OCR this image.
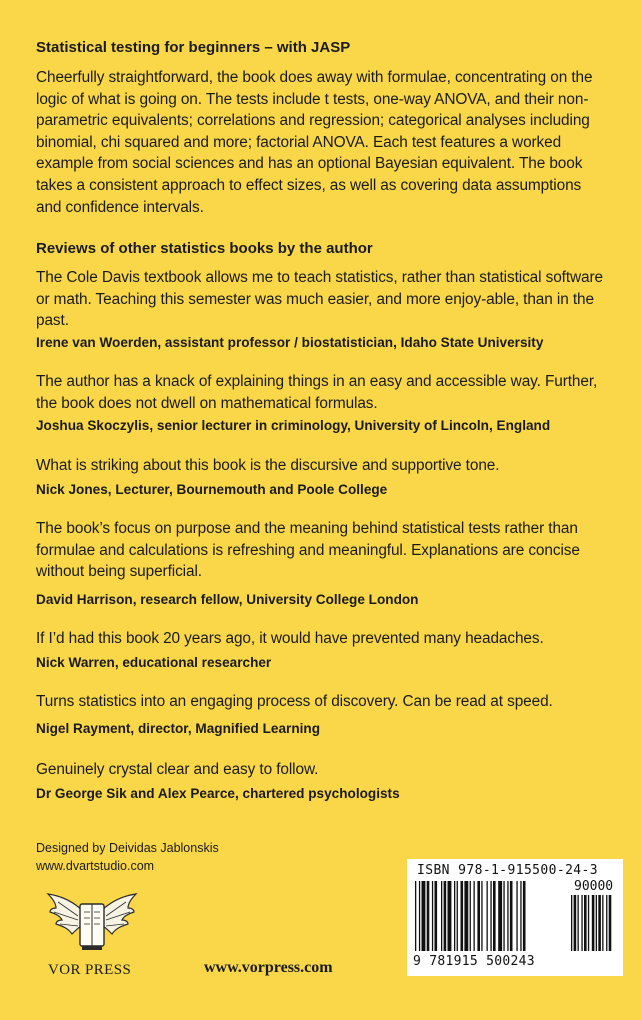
Statistical testing for beginners – with JASP
Cheerfully straightforward, the book does away with formulae, concentrating on the logic of what is going on. The tests include t tests, one-way ANOVA, and their non-parametric equivalents; correlations and regression; categorical analyses including binomial, chi squared and more; factorial ANOVA. Each test features a worked example from social sciences and has an optional Bayesian equivalent. The book takes a consistent approach to effect sizes, as well as covering data assumptions and confidence intervals.
Reviews of other statistics books by the author
The Cole Davis textbook allows me to teach statistics, rather than statistical software or math. Teaching this semester was much easier, and more enjoy-able, than in the past.
Irene van Woerden, assistant professor / biostatistician, Idaho State University
The author has a knack of explaining things in an easy and accessible way. Further, the book does not dwell on mathematical formulas.
Joshua Skoczylis, senior lecturer in criminology, University of Lincoln, England
What is striking about this book is the discursive and supportive tone.
Nick Jones, Lecturer, Bournemouth and Poole College
The book’s focus on purpose and the meaning behind statistical tests rather than formulae and calculations is refreshing and meaningful. Explanations are concise without being superficial.
David Harrison, research fellow, University College London
If I’d had this book 20 years ago, it would have prevented many headaches.
Nick Warren, educational researcher
Turns statistics into an engaging process of discovery. Can be read at speed.
Nigel Rayment, director, Magnified Learning
Genuinely crystal clear and easy to follow.
Dr George Sik and Alex Pearce, chartered psychologists
Designed by Deividas Jablonskis
www.dvartstudio.com
VOR PRESS	www.vorpress.com
ISBN 978-1-915500-24-3
90000
9 781915 500243
